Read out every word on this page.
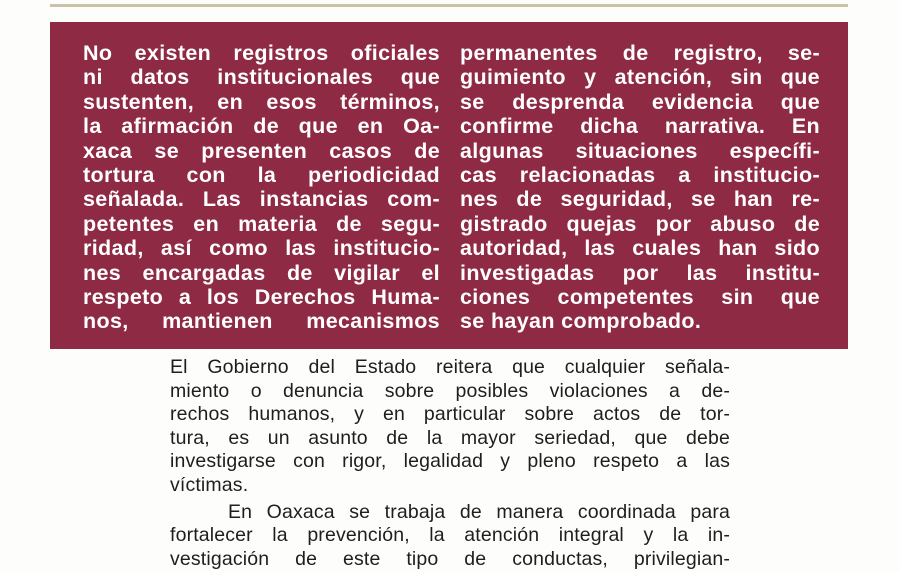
No existen registros oficiales
ni datos institucionales que
sustenten, en esos términos,
la afirmación de que en Oa-
xaca se presenten casos de
tortura con la periodicidad
señalada. Las instancias com-
petentes en materia de segu-
ridad, así como las institucio-
nes encargadas de vigilar el
respeto a los Derechos Huma-
nos, mantienen mecanismos
permanentes de registro, se-
guimiento y atención, sin que
se desprenda evidencia que
confirme dicha narrativa. En
algunas situaciones específi-
cas relacionadas a institucio-
nes de seguridad, se han re-
gistrado quejas por abuso de
autoridad, las cuales han sido
investigadas por las institu-
ciones competentes sin que
se hayan comprobado.
El Gobierno del Estado reitera que cualquier señala-
miento o denuncia sobre posibles violaciones a de-
rechos humanos, y en particular sobre actos de tor-
tura, es un asunto de la mayor seriedad, que debe
investigarse con rigor, legalidad y pleno respeto a las
víctimas.
En Oaxaca se trabaja de manera coordinada para
fortalecer la prevención, la atención integral y la in-
vestigación de este tipo de conductas, privilegian-
